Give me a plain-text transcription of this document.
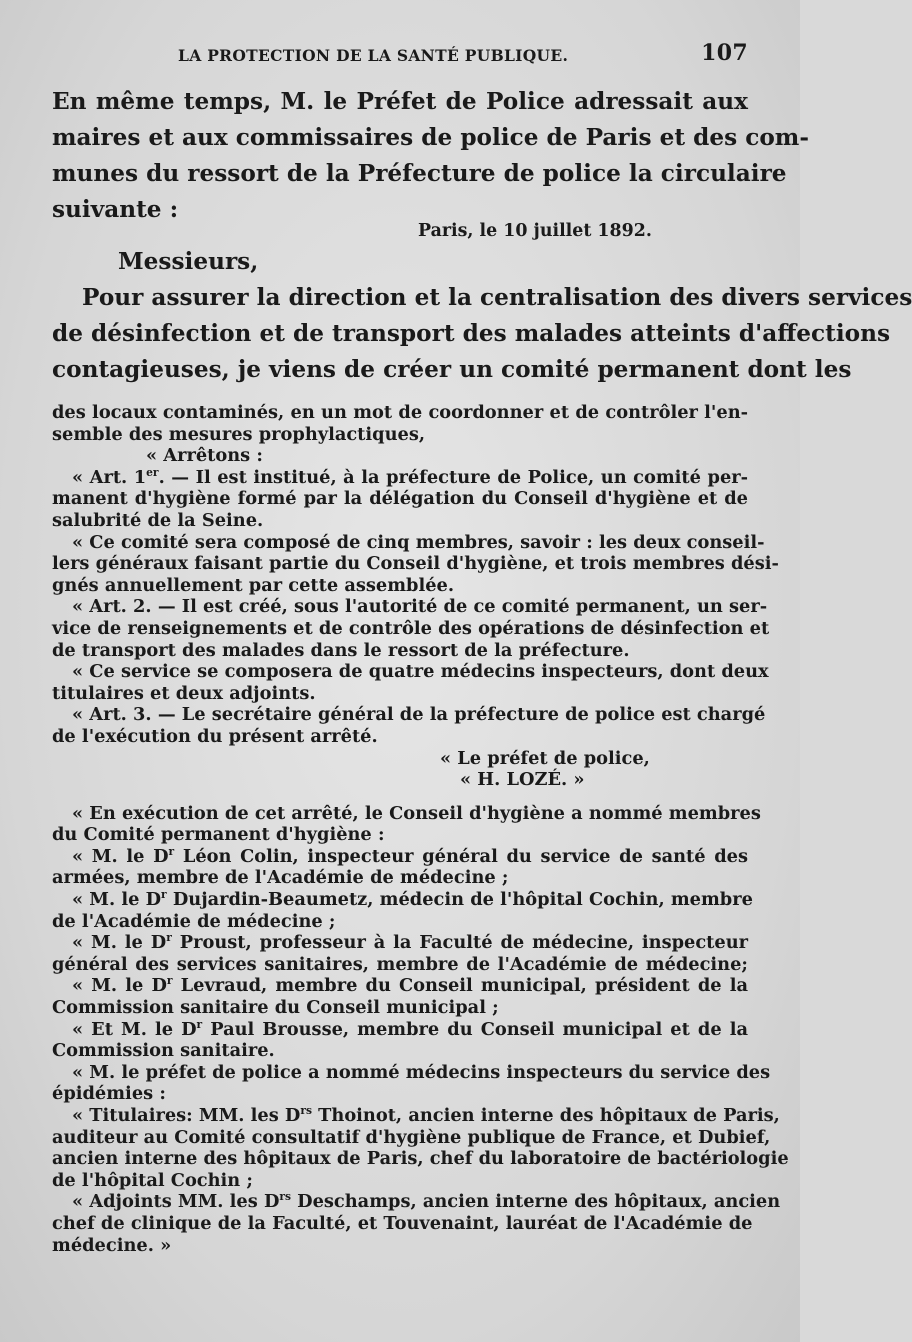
LA PROTECTION DE LA SANTÉ PUBLIQUE.	107
En même temps, M. le Préfet de Police adressait aux
maires et aux commissaires de police de Paris et des com-
munes du ressort de la Préfecture de police la circulaire
suivante :
Paris, le 10 juillet 1892.
Messieurs,
Pour assurer la direction et la centralisation des divers services
de désinfection et de transport des malades atteints d'affections
contagieuses, je viens de créer un comité permanent dont les
des locaux contaminés, en un mot de coordonner et de contrôler l'en-
semble des mesures prophylactiques,
« Arrêtons :
« Art. 1er. — Il est institué, à la préfecture de Police, un comité per-
manent d'hygiène formé par la délégation du Conseil d'hygiène et de
salubrité de la Seine.
« Ce comité sera composé de cinq membres, savoir : les deux conseil-
lers généraux faisant partie du Conseil d'hygiène, et trois membres dési-
gnés annuellement par cette assemblée.
« Art. 2. — Il est créé, sous l'autorité de ce comité permanent, un ser-
vice de renseignements et de contrôle des opérations de désinfection et
de transport des malades dans le ressort de la préfecture.
« Ce service se composera de quatre médecins inspecteurs, dont deux
titulaires et deux adjoints.
« Art. 3. — Le secrétaire général de la préfecture de police est chargé
de l'exécution du présent arrêté.
« Le préfet de police,
« H. LOZÉ. »
« En exécution de cet arrêté, le Conseil d'hygiène a nommé membres
du Comité permanent d'hygiène :
« M. le $D^r$ Léon Colin, inspecteur général du service de santé des
armées, membre de l'Académie de médecine ;
« M. le $D^r$ Dujardin-Beaumetz, médecin de l'hôpital Cochin, membre
de l'Académie de médecine ;
« M. le $D^r$ Proust, professeur à la Faculté de médecine, inspecteur
général des services sanitaires, membre de l'Académie de médecine;
« M. le $D^r$ Levraud, membre du Conseil municipal, président de la
Commission sanitaire du Conseil municipal ;
« Et M. le $D^r$ Paul Brousse, membre du Conseil municipal et de la
Commission sanitaire.
« M. le préfet de police a nommé médecins inspecteurs du service des
épidémies :
« Titulaires: MM. les $D^{rs}$ Thoinot, ancien interne des hôpitaux de Paris,
auditeur au Comité consultatif d'hygiène publique de France, et Dubief,
ancien interne des hôpitaux de Paris, chef du laboratoire de bactériologie
de l'hôpital Cochin ;
« Adjoints MM. les $D^{rs}$ Deschamps, ancien interne des hôpitaux, ancien
chef de clinique de la Faculté, et Touvenaint, lauréat de l'Académie de
médecine. »
